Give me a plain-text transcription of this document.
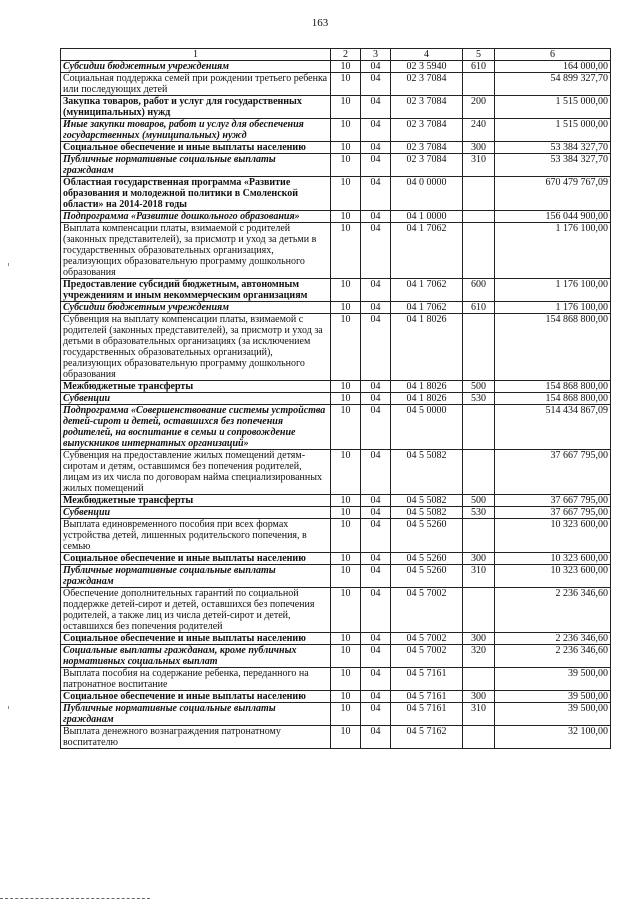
163
1	2	3	4	5	6
Субсидии бюджетным учреждениям	10	04	02 3 5940	610	164 000,00
Социальная поддержка семей при рождении третьего ребенка или последующих детей	10	04	02 3 7084		54 899 327,70
Закупка товаров, работ и услуг для государственных (муниципальных) нужд	10	04	02 3 7084	200	1 515 000,00
Иные закупки товаров, работ и услуг для обеспечения государственных (муниципальных) нужд	10	04	02 3 7084	240	1 515 000,00
Социальное обеспечение и иные выплаты населению	10	04	02 3 7084	300	53 384 327,70
Публичные нормативные социальные выплаты гражданам	10	04	02 3 7084	310	53 384 327,70
Областная государственная программа «Развитие образования и молодежной политики в Смоленской области» на 2014-2018 годы	10	04	04 0 0000		670 479 767,09
Подпрограмма «Развитие дошкольного образования»	10	04	04 1 0000		156 044 900,00
Выплата компенсации платы, взимаемой с родителей (законных представителей), за присмотр и уход за детьми в государственных образовательных организациях, реализующих образовательную программу дошкольного образования	10	04	04 1 7062		1 176 100,00
Предоставление субсидий бюджетным, автономным учреждениям и иным некоммерческим организациям	10	04	04 1 7062	600	1 176 100,00
Субсидии бюджетным учреждениям	10	04	04 1 7062	610	1 176 100,00
Субвенция на выплату компенсации платы, взимаемой с родителей (законных представителей), за присмотр и уход за детьми в образовательных организациях (за исключением государственных образовательных организаций), реализующих образовательную программу дошкольного образования	10	04	04 1 8026		154 868 800,00
Межбюджетные трансферты	10	04	04 1 8026	500	154 868 800,00
Субвенции	10	04	04 1 8026	530	154 868 800,00
Подпрограмма «Совершенствование системы устройства детей-сирот и детей, оставшихся без попечения родителей, на воспитание в семьи и сопровождение выпускников интернатных организаций»	10	04	04 5 0000		514 434 867,09
Субвенция на предоставление жилых помещений детям-сиротам и детям, оставшимся без попечения родителей, лицам из их числа по договорам найма специализированных жилых помещений	10	04	04 5 5082		37 667 795,00
Межбюджетные трансферты	10	04	04 5 5082	500	37 667 795,00
Субвенции	10	04	04 5 5082	530	37 667 795,00
Выплата единовременного пособия при всех формах устройства детей, лишенных родительского попечения, в семью	10	04	04 5 5260		10 323 600,00
Социальное обеспечение и иные выплаты населению	10	04	04 5 5260	300	10 323 600,00
Публичные нормативные социальные выплаты гражданам	10	04	04 5 5260	310	10 323 600,00
Обеспечение дополнительных гарантий по социальной поддержке детей-сирот и детей, оставшихся без попечения родителей, а также лиц из числа детей-сирот и детей, оставшихся без попечения родителей	10	04	04 5 7002		2 236 346,60
Социальное обеспечение и иные выплаты населению	10	04	04 5 7002	300	2 236 346,60
Социальные выплаты гражданам, кроме публичных нормативных социальных выплат	10	04	04 5 7002	320	2 236 346,60
Выплата пособия на содержание ребенка, переданного на патронатное воспитание	10	04	04 5 7161		39 500,00
Социальное обеспечение и иные выплаты населению	10	04	04 5 7161	300	39 500,00
Публичные нормативные социальные выплаты гражданам	10	04	04 5 7161	310	39 500,00
Выплата денежного вознаграждения патронатному воспитателю	10	04	04 5 7162		32 100,00
